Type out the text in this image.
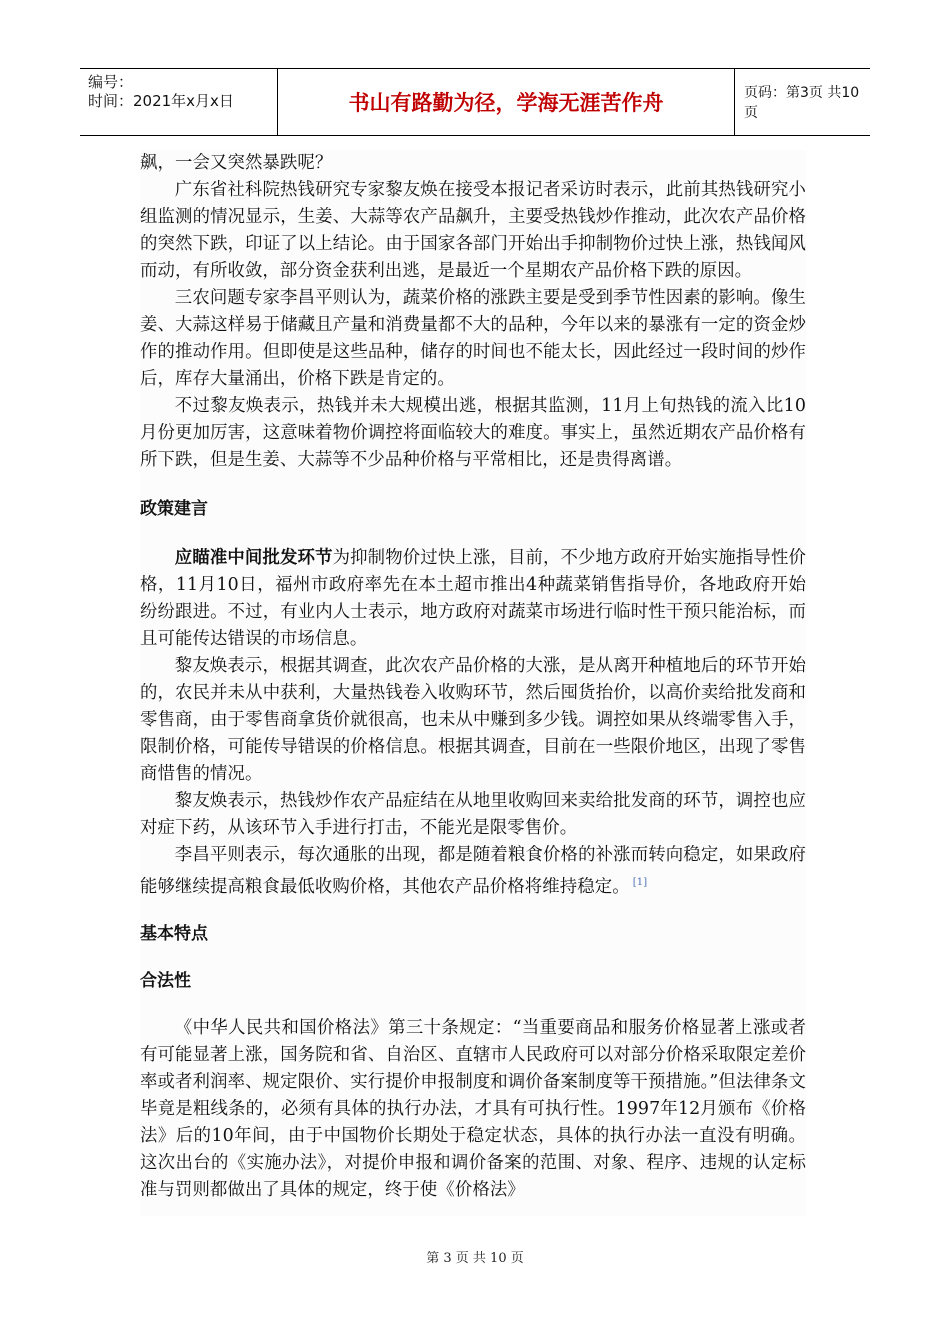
编号：
时间：2021年x月x日	书山有路勤为径，学海无涯苦作舟	页码：第3页 共10页

飙，一会又突然暴跌呢？

广东省社科院热钱研究专家黎友焕在接受本报记者采访时表示，此前其热钱研究小组监测的情况显示，生姜、大蒜等农产品飙升，主要受热钱炒作推动，此次农产品价格的突然下跌，印证了以上结论。由于国家各部门开始出手抑制物价过快上涨，热钱闻风而动，有所收敛，部分资金获利出逃，是最近一个星期农产品价格下跌的原因。

三农问题专家李昌平则认为，蔬菜价格的涨跌主要是受到季节性因素的影响。像生姜、大蒜这样易于储藏且产量和消费量都不大的品种，今年以来的暴涨有一定的资金炒作的推动作用。但即使是这些品种，储存的时间也不能太长，因此经过一段时间的炒作后，库存大量涌出，价格下跌是肯定的。

不过黎友焕表示，热钱并未大规模出逃，根据其监测，11月上旬热钱的流入比10月份更加厉害，这意味着物价调控将面临较大的难度。事实上，虽然近期农产品价格有所下跌，但是生姜、大蒜等不少品种价格与平常相比，还是贵得离谱。

政策建言

应瞄准中间批发环节为抑制物价过快上涨，目前，不少地方政府开始实施指导性价格，11月10日，福州市政府率先在本土超市推出4种蔬菜销售指导价，各地政府开始纷纷跟进。不过，有业内人士表示，地方政府对蔬菜市场进行临时性干预只能治标，而且可能传达错误的市场信息。

黎友焕表示，根据其调查，此次农产品价格的大涨，是从离开种植地后的环节开始的，农民并未从中获利，大量热钱卷入收购环节，然后囤货抬价，以高价卖给批发商和零售商，由于零售商拿货价就很高，也未从中赚到多少钱。调控如果从终端零售入手，限制价格，可能传导错误的价格信息。根据其调查，目前在一些限价地区，出现了零售商惜售的情况。

黎友焕表示，热钱炒作农产品症结在从地里收购回来卖给批发商的环节，调控也应对症下药，从该环节入手进行打击，不能光是限零售价。

李昌平则表示，每次通胀的出现，都是随着粮食价格的补涨而转向稳定，如果政府能够继续提高粮食最低收购价格，其他农产品价格将维持稳定。 [1]

基本特点

合法性

《中华人民共和国价格法》第三十条规定：“当重要商品和服务价格显著上涨或者有可能显著上涨，国务院和省、自治区、直辖市人民政府可以对部分价格采取限定差价率或者利润率、规定限价、实行提价申报制度和调价备案制度等干预措施。”但法律条文毕竟是粗线条的，必须有具体的执行办法，才具有可执行性。1997年12月颁布《价格法》后的10年间，由于中国物价长期处于稳定状态，具体的执行办法一直没有明确。这次出台的《实施办法》，对提价申报和调价备案的范围、对象、程序、违规的认定标准与罚则都做出了具体的规定，终于使《价格法》

第 3 页 共 10 页
